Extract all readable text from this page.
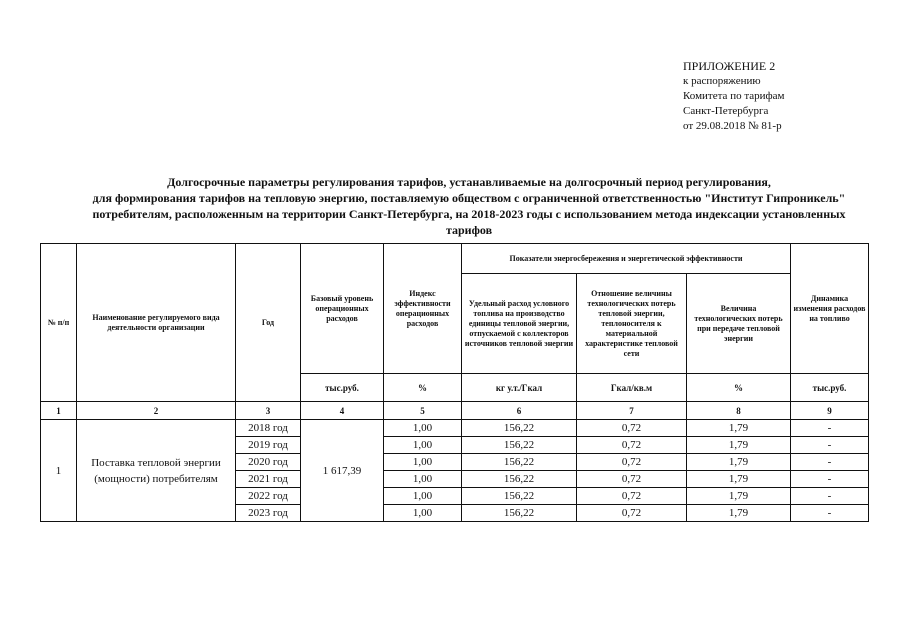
ПРИЛОЖЕНИЕ 2
к распоряжению
Комитета по тарифам
Санкт-Петербурга
от 29.08.2018 № 81-р
Долгосрочные параметры регулирования тарифов, устанавливаемые на долгосрочный период регулирования,
для формирования тарифов на тепловую энергию, поставляемую обществом с ограниченной ответственностью "Институт Гипроникель"
потребителям, расположенным на территории Санкт-Петербурга, на 2018-2023 годы с использованием метода индексации установленных
тарифов
№ п/п	Наименование регулируемого вида деятельности организации	Год	Базовый уровень операционных расходов	Индекс эффективности операционных расходов	Показатели энергосбережения и энергетической эффективности			Динамика изменения расходов на топливо
					Удельный расход условного топлива на производство единицы тепловой энергии, отпускаемой с коллекторов источников тепловой энергии	Отношение величины технологических потерь тепловой энергии, теплоносителя к материальной характеристике тепловой сети	Величина технологических потерь при передаче тепловой энергии	
			тыс.руб.	%	кг у.т./Гкал	Гкал/кв.м	%	тыс.руб.
1	2	3	4	5	6	7	8	9
1	Поставка тепловой энергии (мощности) потребителям	2018 год	1 617,39	1,00	156,22	0,72	1,79	-
		2019 год		1,00	156,22	0,72	1,79	-
		2020 год		1,00	156,22	0,72	1,79	-
		2021 год		1,00	156,22	0,72	1,79	-
		2022 год		1,00	156,22	0,72	1,79	-
		2023 год		1,00	156,22	0,72	1,79	-
